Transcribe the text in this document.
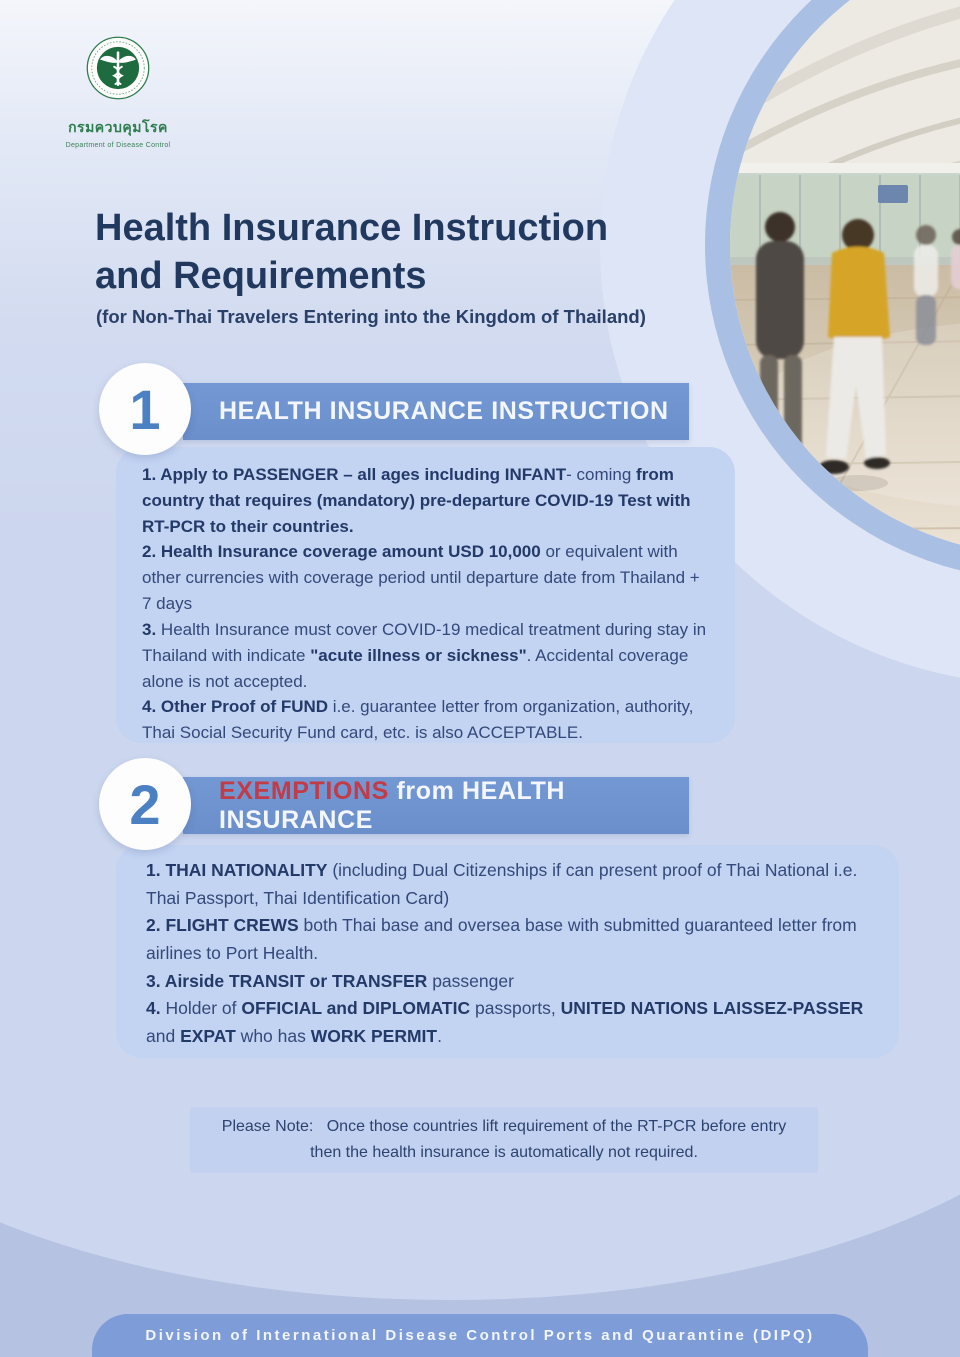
กรมควบคุมโรค
Department of Disease Control
Health Insurance Instruction
and Requirements
(for Non-Thai Travelers Entering into the Kingdom of Thailand)
1 HEALTH INSURANCE INSTRUCTION

1. Apply to PASSENGER – all ages including INFANT- coming from country that requires (mandatory) pre-departure COVID-19 Test with RT-PCR to their countries.

2. Health Insurance coverage amount USD 10,000 or equivalent with other currencies with coverage period until departure date from Thailand + 7 days

3. Health Insurance must cover COVID-19 medical treatment during stay in Thailand with indicate "acute illness or sickness". Accidental coverage alone is not accepted.

4. Other Proof of FUND i.e. guarantee letter from organization, authority, Thai Social Security Fund card, etc. is also ACCEPTABLE.

2 EXEMPTIONS from HEALTH INSURANCE

1. THAI NATIONALITY (including Dual Citizenships if can present proof of Thai National i.e. Thai Passport, Thai Identification Card)

2. FLIGHT CREWS both Thai base and oversea base with submitted guaranteed letter from airlines to Port Health.

3. Airside TRANSIT or TRANSFER passenger

4. Holder of OFFICIAL and DIPLOMATIC passports, UNITED NATIONS LAISSEZ-PASSER and EXPAT who has WORK PERMIT.

Please Note: Once those countries lift requirement of the RT-PCR before entry then the health insurance is automatically not required.
Division of International Disease Control Ports and Quarantine (DIPQ)
